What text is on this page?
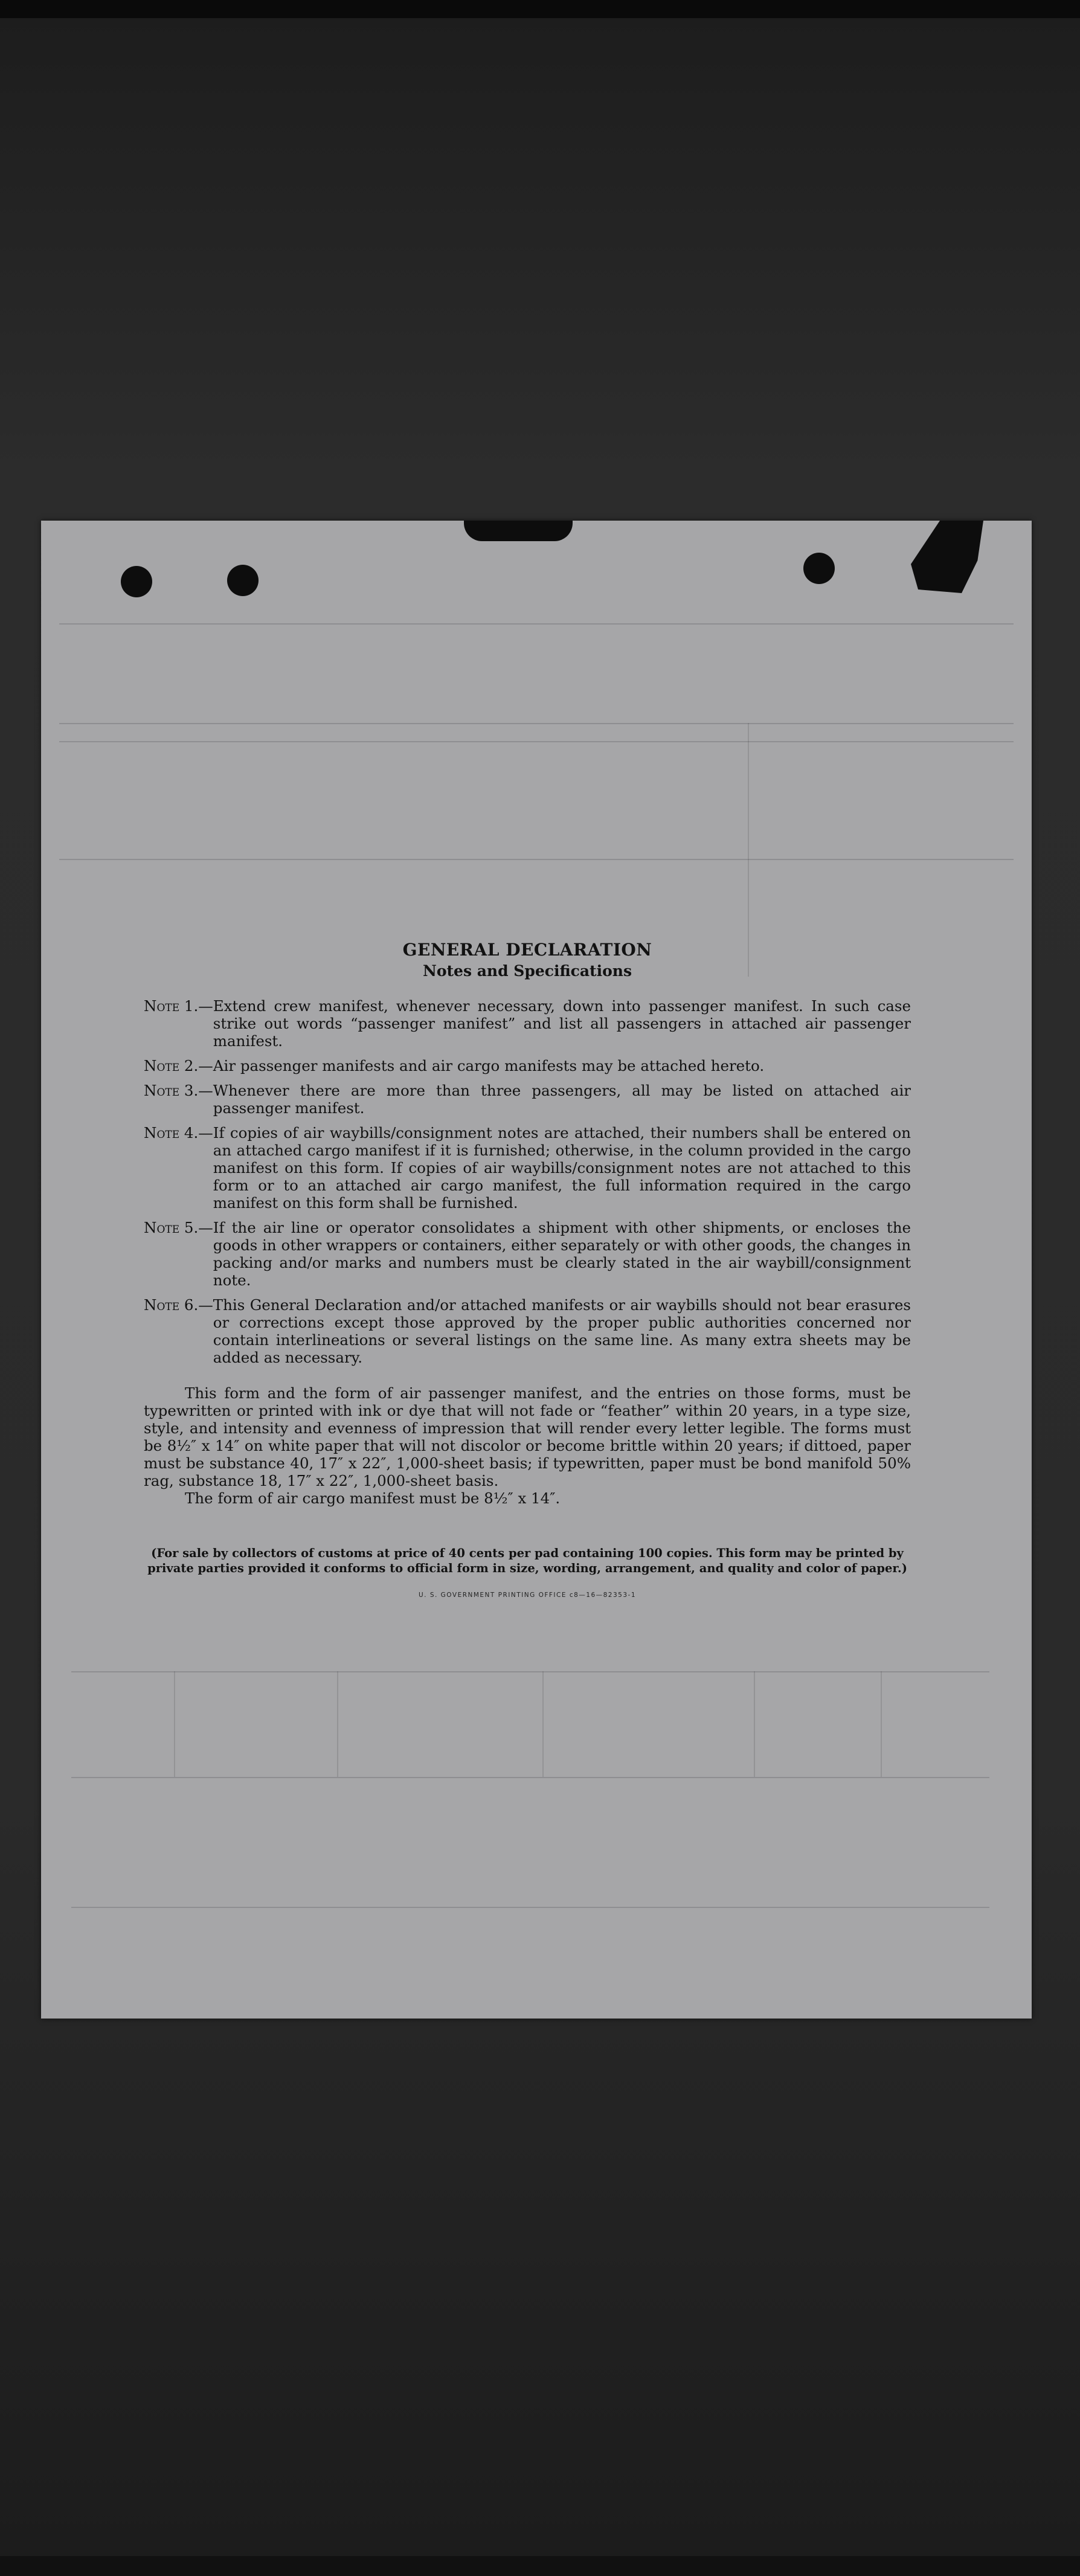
GENERAL DECLARATION
Notes and Specifications
Note 1.— Extend crew manifest, whenever necessary, down into passenger manifest. In such case strike out words “passenger manifest” and list all passengers in attached air passenger manifest.
Note 2.— Air passenger manifests and air cargo manifests may be attached hereto.
Note 3.— Whenever there are more than three passengers, all may be listed on attached air passenger manifest.
Note 4.— If copies of air waybills/consignment notes are attached, their numbers shall be entered on an attached cargo manifest if it is furnished; otherwise, in the column provided in the cargo manifest on this form. If copies of air waybills/consignment notes are not attached to this form or to an attached air cargo manifest, the full information required in the cargo manifest on this form shall be furnished.
Note 5.— If the air line or operator consolidates a shipment with other shipments, or encloses the goods in other wrappers or containers, either separately or with other goods, the changes in packing and/or marks and numbers must be clearly stated in the air waybill/consignment note.
Note 6.— This General Declaration and/or attached manifests or air waybills should not bear erasures or corrections except those approved by the proper public authorities concerned nor contain interlineations or several listings on the same line. As many extra sheets may be added as necessary.

This form and the form of air passenger manifest, and the entries on those forms, must be typewritten or printed with ink or dye that will not fade or “feather” within 20 years, in a type size, style, and intensity and evenness of impression that will render every letter legible. The forms must be 8½″ x 14″ on white paper that will not discolor or become brittle within 20 years; if dittoed, paper must be substance 40, 17″ x 22″, 1,000-sheet basis; if typewritten, paper must be bond manifold 50% rag, substance 18, 17″ x 22″, 1,000-sheet basis.

The form of air cargo manifest must be 8½″ x 14″.

(For sale by collectors of customs at price of 40 cents per pad containing 100 copies. This form may be printed by private parties provided it conforms to official form in size, wording, arrangement, and quality and color of paper.)

U. S. GOVERNMENT PRINTING OFFICE c8—16—82353-1
